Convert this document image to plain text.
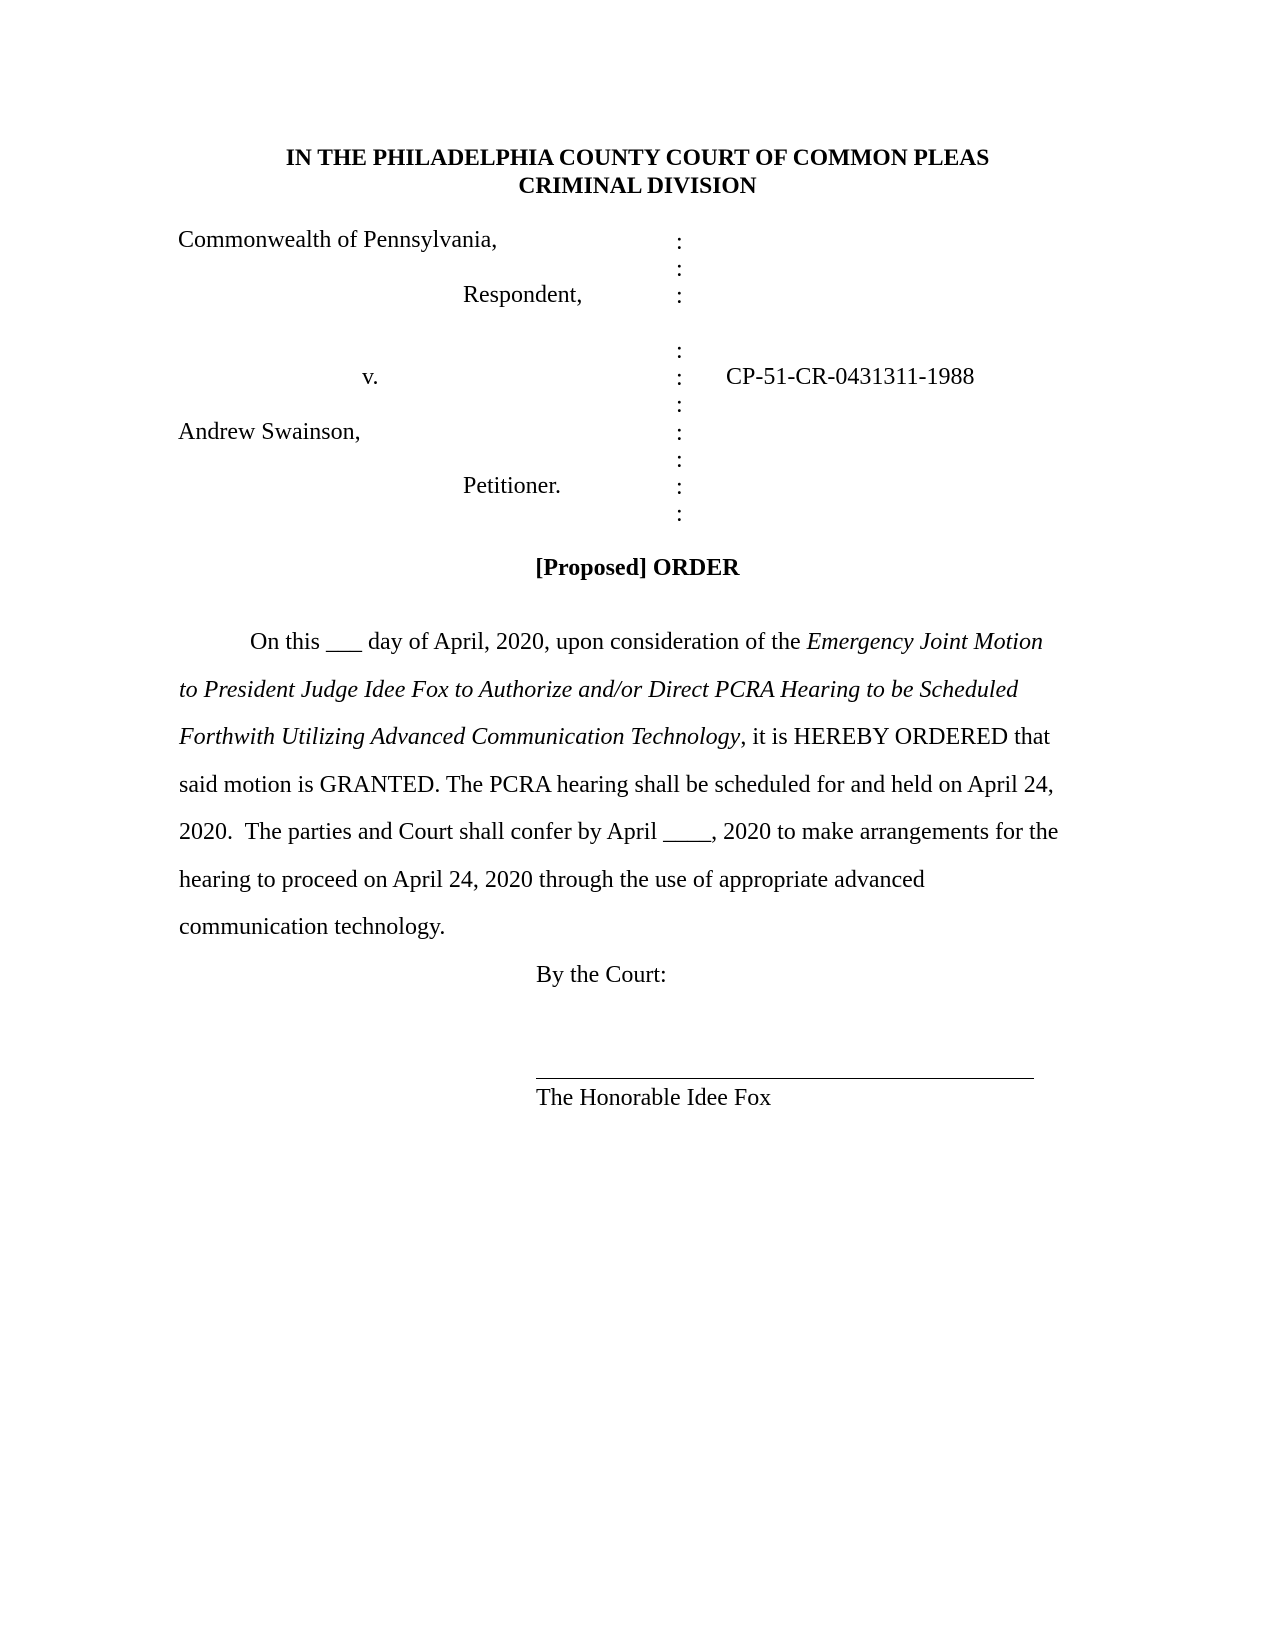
IN THE PHILADELPHIA COUNTY COURT OF COMMON PLEAS
CRIMINAL DIVISION
Commonwealth of Pennsylvania,
Respondent,
v.	CP-51-CR-0431311-1988
Andrew Swainson,
Petitioner.
:
:
:
:
:
:
:
:
:
:
[Proposed] ORDER
On this ___ day of April, 2020, upon consideration of the Emergency Joint Motion
to President Judge Idee Fox to Authorize and/or Direct PCRA Hearing to be Scheduled
Forthwith Utilizing Advanced Communication Technology, it is HEREBY ORDERED that
said motion is GRANTED. The PCRA hearing shall be scheduled for and held on April 24,
2020.  The parties and Court shall confer by April ____, 2020 to make arrangements for the
hearing to proceed on April 24, 2020 through the use of appropriate advanced
communication technology.
By the Court:
The Honorable Idee Fox
